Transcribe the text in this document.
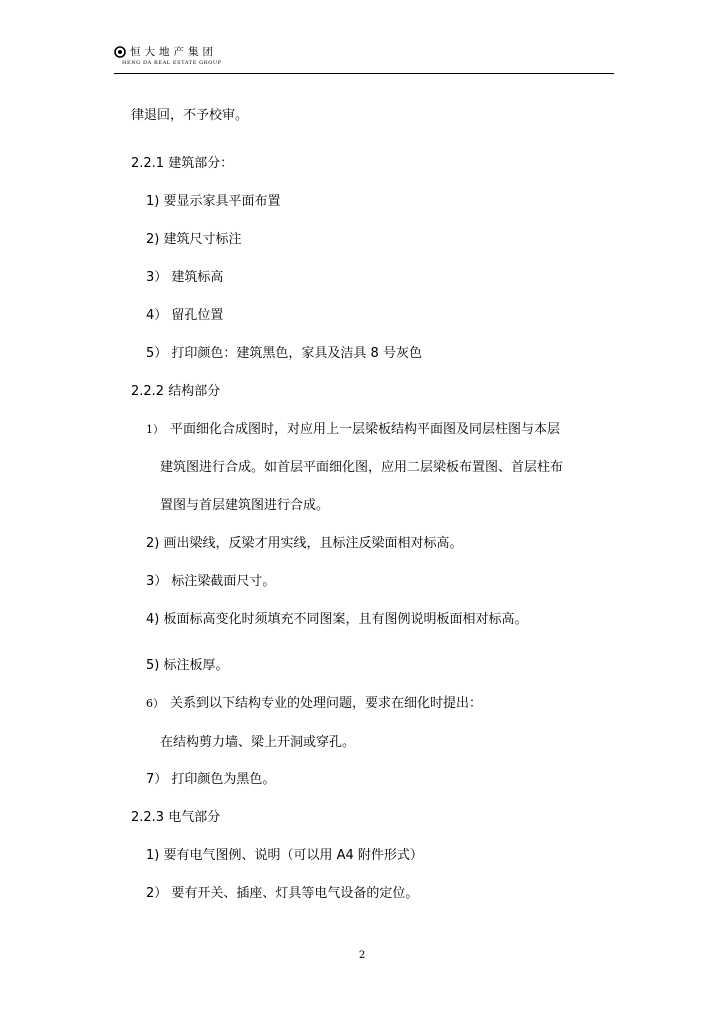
恒大地产集团
HENG DA REAL ESTATE GROUP
律退回，不予校审。
2.2.1 建筑部分：
1) 要显示家具平面布置
2) 建筑尺寸标注
3） 建筑标高
4） 留孔位置
5） 打印颜色：建筑黑色，家具及洁具 8 号灰色
2.2.2 结构部分
1） 平面细化合成图时，对应用上一层梁板结构平面图及同层柱图与本层
建筑图进行合成。如首层平面细化图，应用二层梁板布置图、首层柱布
置图与首层建筑图进行合成。
2) 画出梁线，反梁才用实线，且标注反梁面相对标高。
3） 标注梁截面尺寸。
4) 板面标高变化时须填充不同图案，且有图例说明板面相对标高。
5) 标注板厚。
6） 关系到以下结构专业的处理问题，要求在细化时提出：
在结构剪力墙、梁上开洞或穿孔。
7） 打印颜色为黑色。
2.2.3 电气部分
1) 要有电气图例、说明（可以用 A4 附件形式）
2） 要有开关、插座、灯具等电气设备的定位。
2
